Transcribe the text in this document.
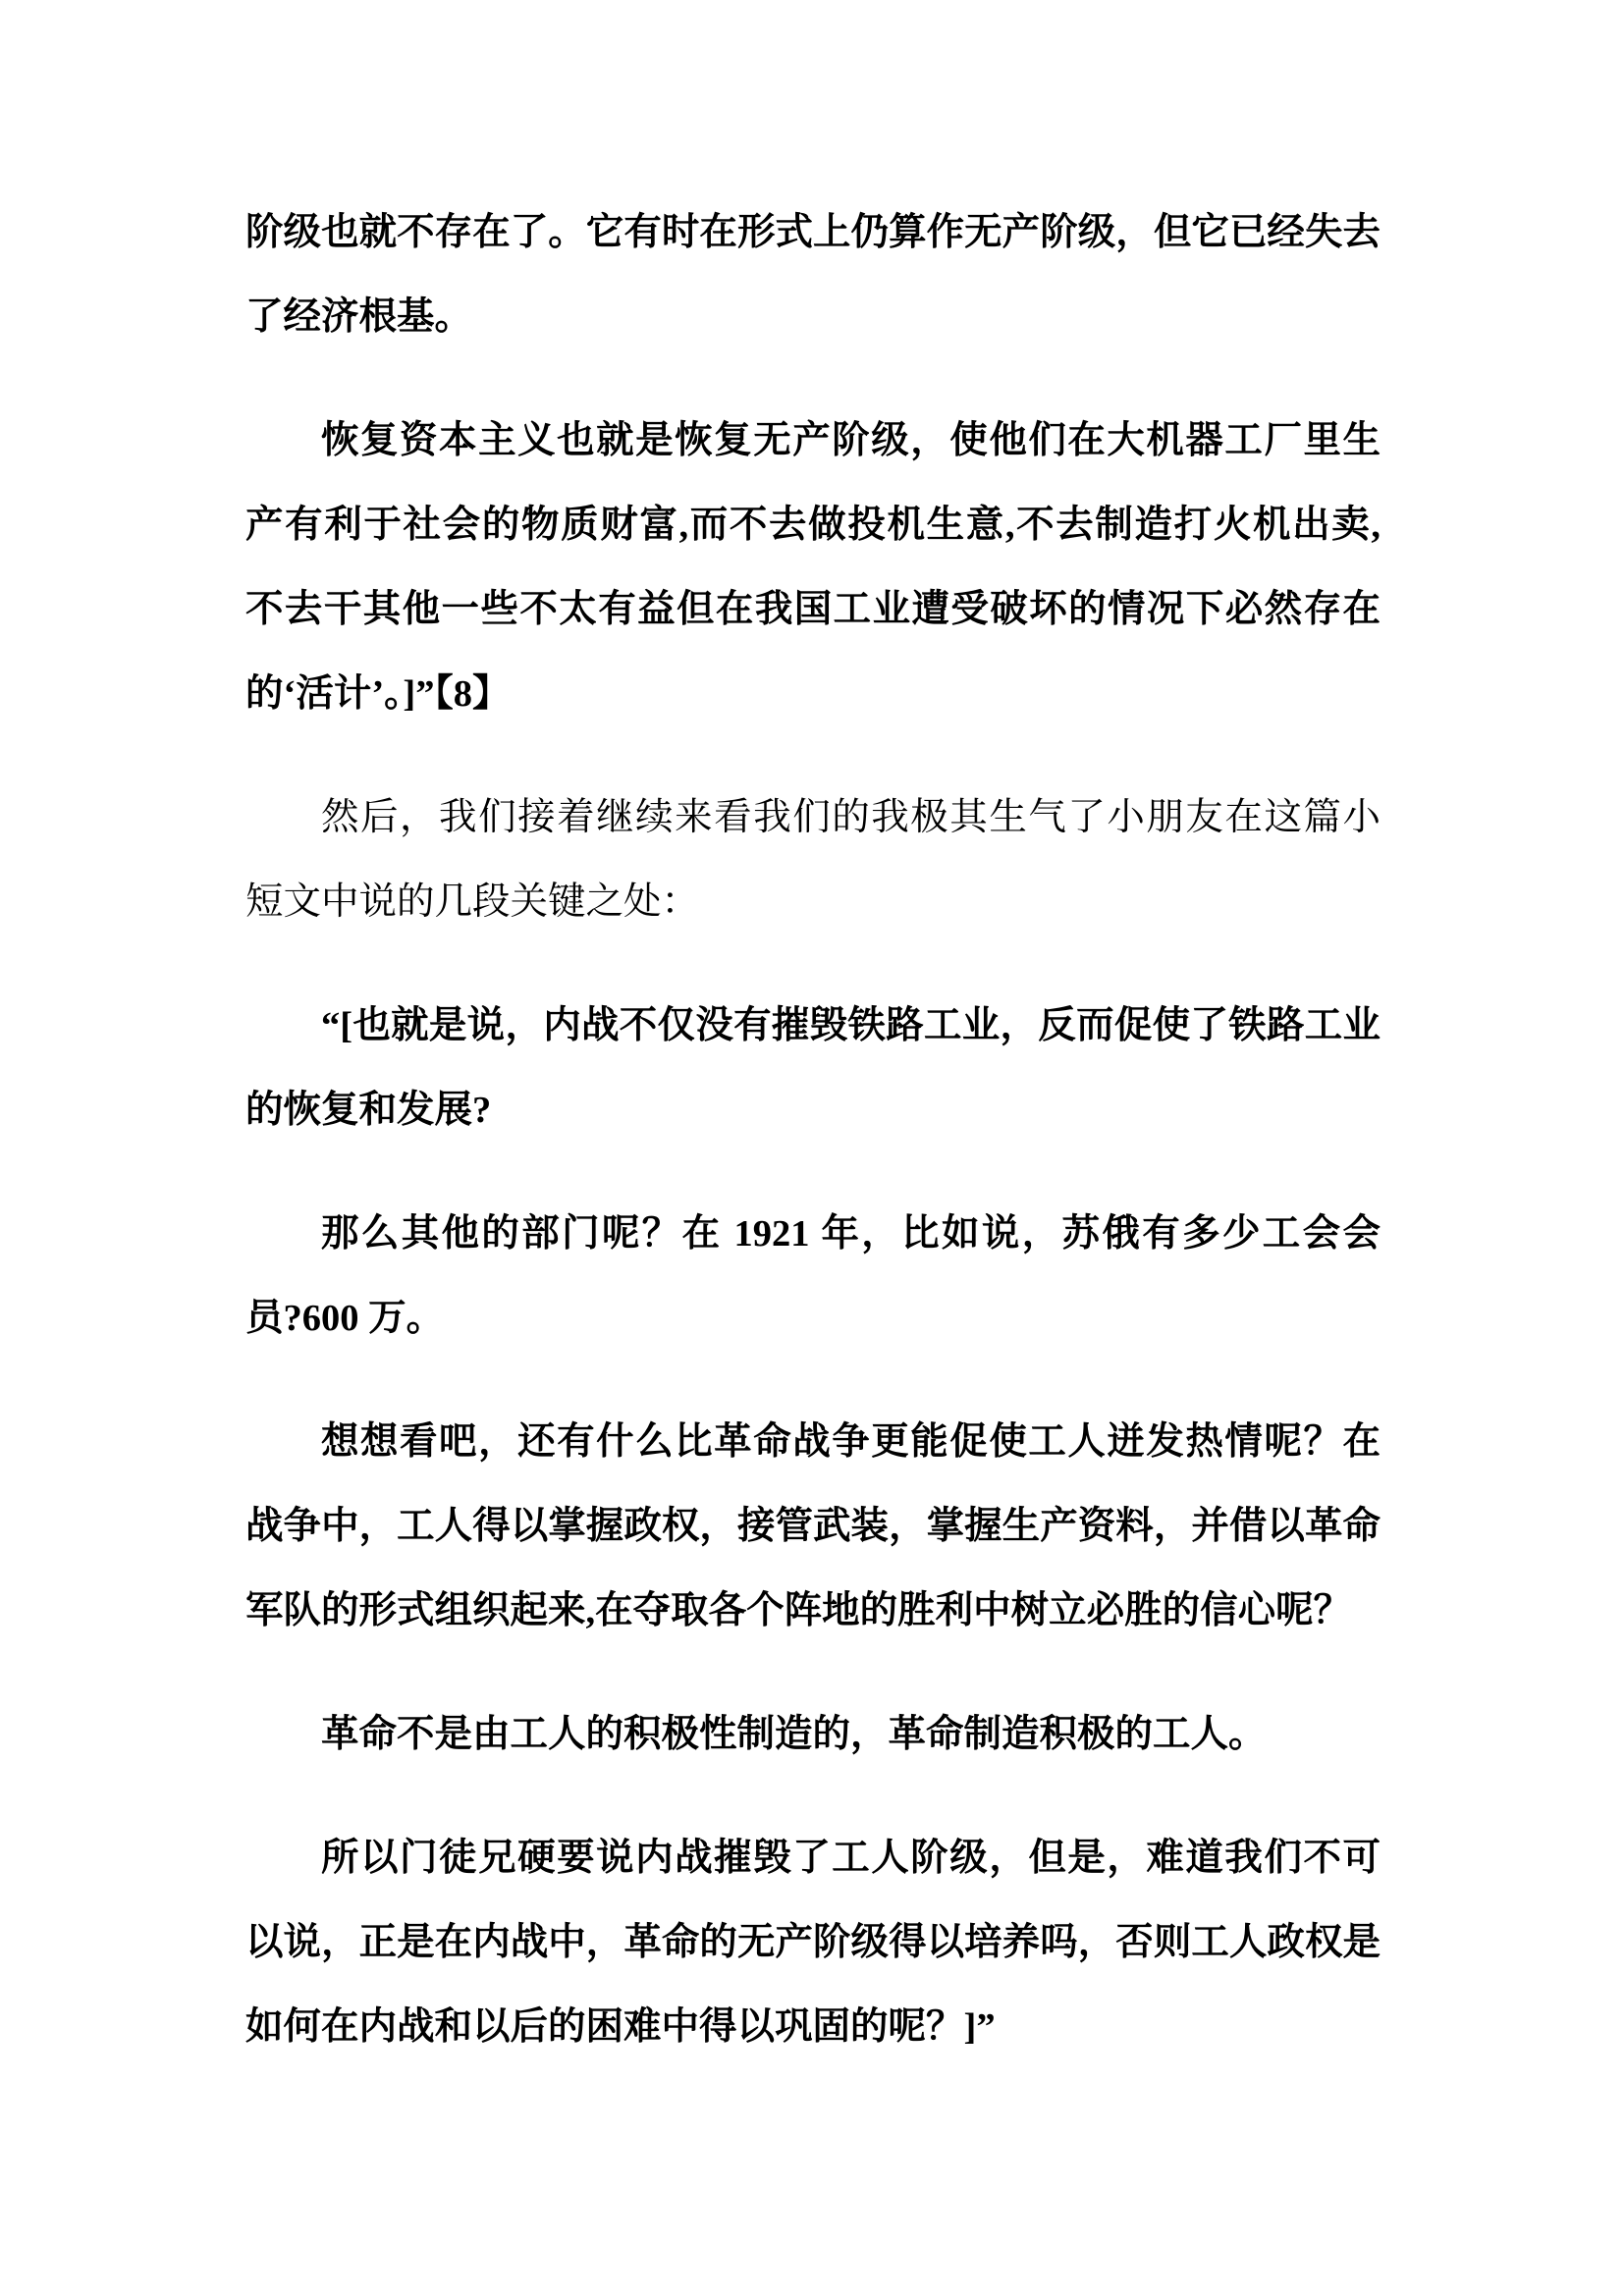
阶级也就不存在了。它有时在形式上仍算作无产阶级，但它已经失去
了经济根基。
恢复资本主义也就是恢复无产阶级，使他们在大机器工厂里生
产有利于社会的物质财富,而不去做投机生意,不去制造打火机出卖,
不去干其他一些不太有益但在我国工业遭受破坏的情况下必然存在
的‘活计’。]”【8】
然后，我们接着继续来看我们的我极其生气了小朋友在这篇小
短文中说的几段关键之处：
“[也就是说，内战不仅没有摧毁铁路工业，反而促使了铁路工业
的恢复和发展?
那么其他的部门呢？在 1921 年，比如说，苏俄有多少工会会
员?600 万。
想想看吧，还有什么比革命战争更能促使工人迸发热情呢？在
战争中，工人得以掌握政权，接管武装，掌握生产资料，并借以革命
军队的形式组织起来,在夺取各个阵地的胜利中树立必胜的信心呢？
革命不是由工人的积极性制造的，革命制造积极的工人。
所以门徒兄硬要说内战摧毁了工人阶级，但是，难道我们不可
以说，正是在内战中，革命的无产阶级得以培养吗，否则工人政权是
如何在内战和以后的困难中得以巩固的呢？]”
